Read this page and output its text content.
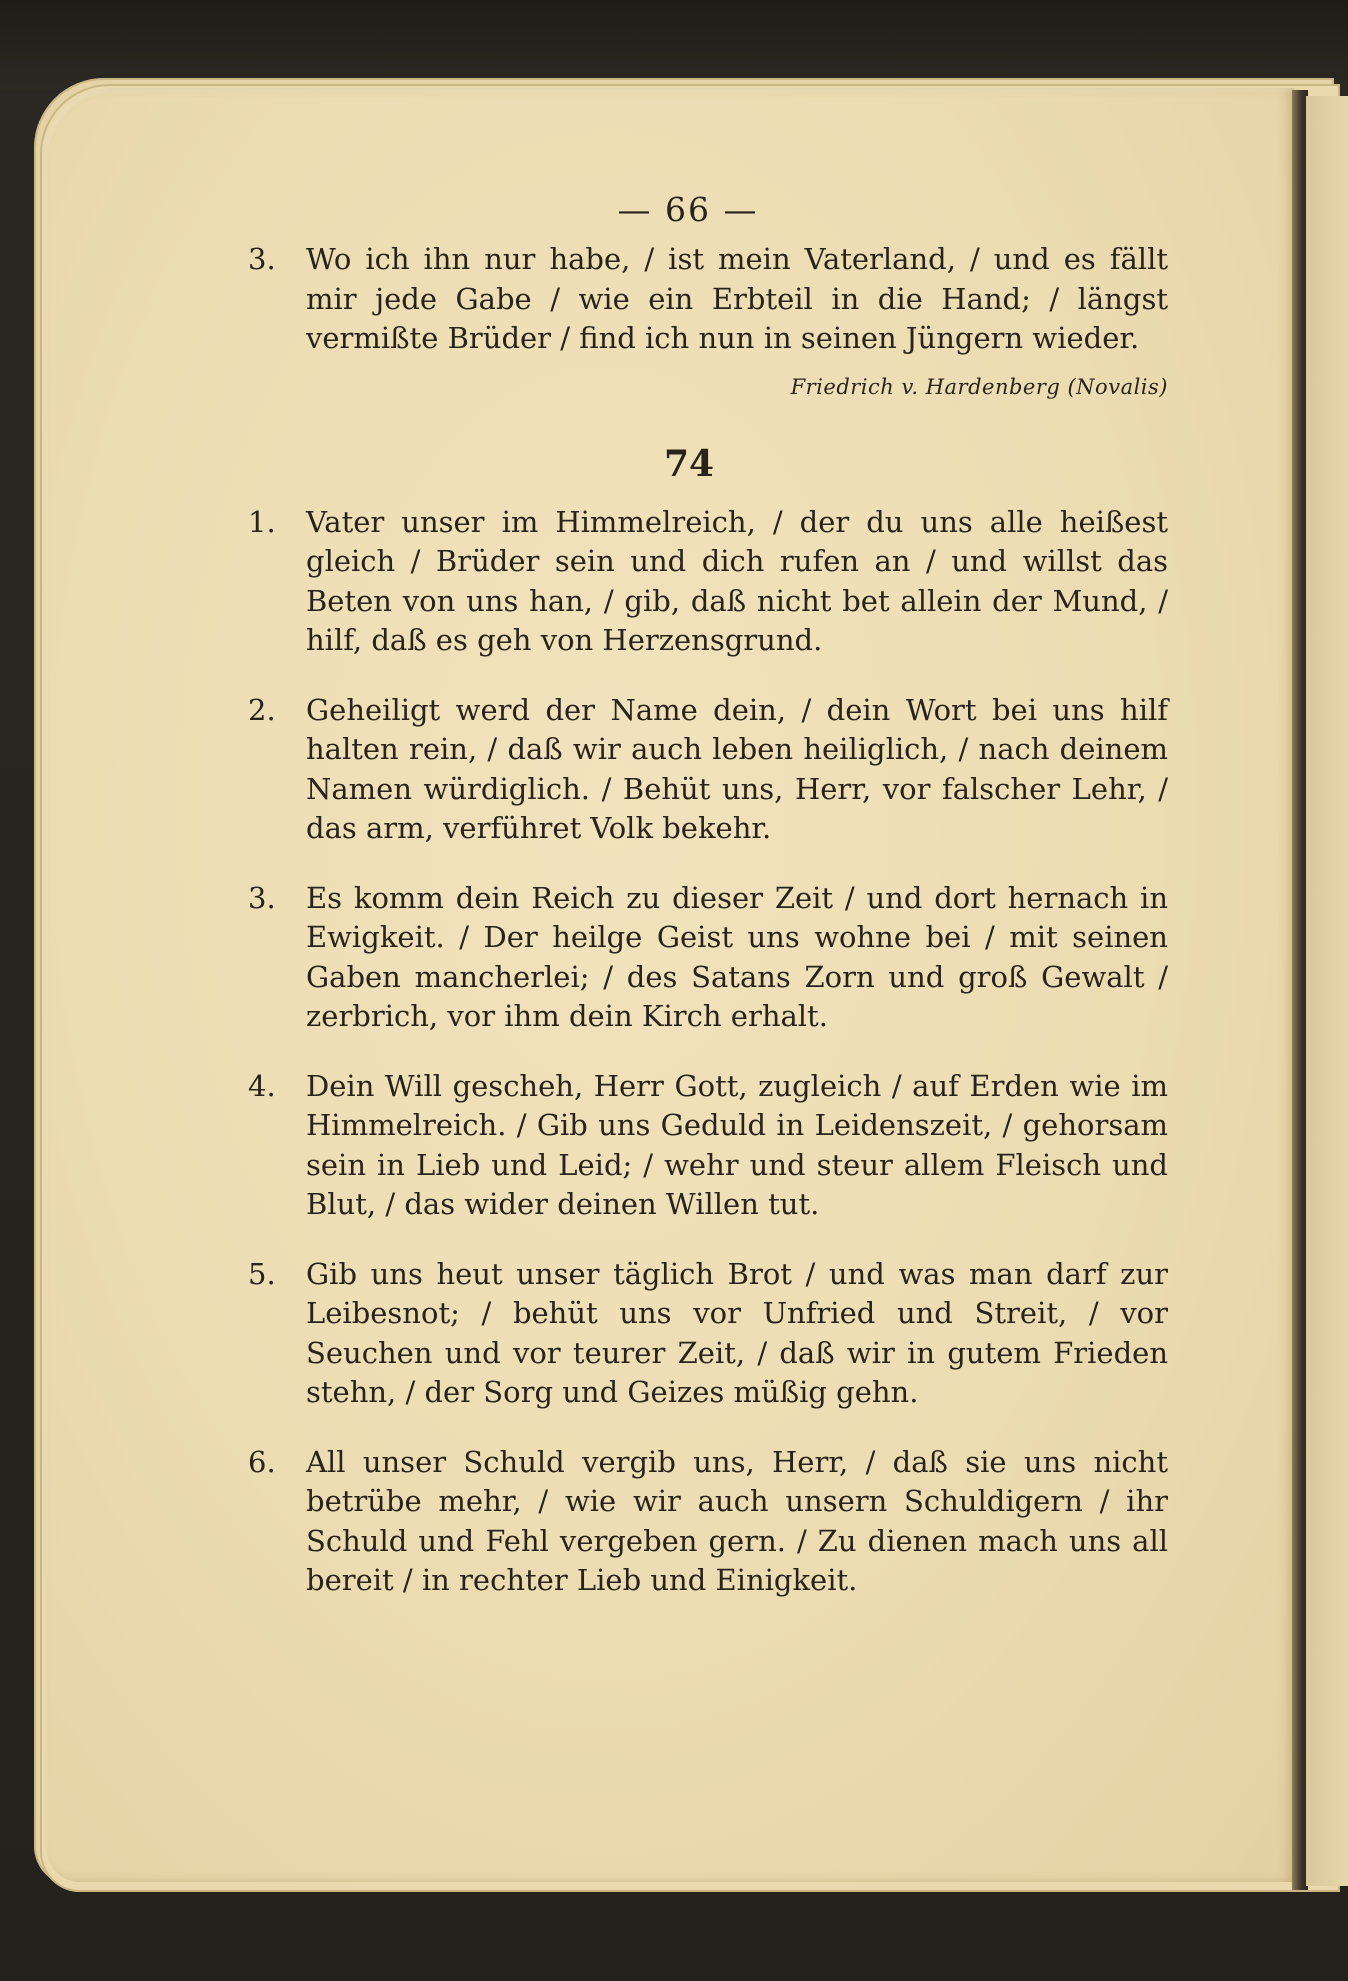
— 66 —
3.	Wo ich ihn nur habe, / ist mein Vaterland, / und es fällt mir jede Gabe / wie ein Erbteil in die Hand; / längst vermißte Brüder / find ich nun in seinen Jüngern wieder.
Friedrich v. Hardenberg (Novalis)
74
1.	Vater unser im Himmelreich, / der du uns alle heißest gleich / Brüder sein und dich rufen an / und willst das Beten von uns han, / gib, daß nicht bet allein der Mund, / hilf, daß es geh von Herzensgrund.
2.	Geheiligt werd der Name dein, / dein Wort bei uns hilf halten rein, / daß wir auch leben heiliglich, / nach deinem Namen würdiglich. / Behüt uns, Herr, vor falscher Lehr, / das arm, verführet Volk bekehr.
3.	Es komm dein Reich zu dieser Zeit / und dort hernach in Ewigkeit. / Der heilge Geist uns wohne bei / mit seinen Gaben mancherlei; / des Satans Zorn und groß Gewalt / zerbrich, vor ihm dein Kirch erhalt.
4.	Dein Will gescheh, Herr Gott, zugleich / auf Erden wie im Himmelreich. / Gib uns Geduld in Leidenszeit, / gehorsam sein in Lieb und Leid; / wehr und steur allem Fleisch und Blut, / das wider deinen Willen tut.
5.	Gib uns heut unser täglich Brot / und was man darf zur Leibesnot; / behüt uns vor Unfried und Streit, / vor Seuchen und vor teurer Zeit, / daß wir in gutem Frieden stehn, / der Sorg und Geizes müßig gehn.
6.	All unser Schuld vergib uns, Herr, / daß sie uns nicht betrübe mehr, / wie wir auch unsern Schuldigern / ihr Schuld und Fehl vergeben gern. / Zu dienen mach uns all bereit / in rechter Lieb und Einigkeit.
